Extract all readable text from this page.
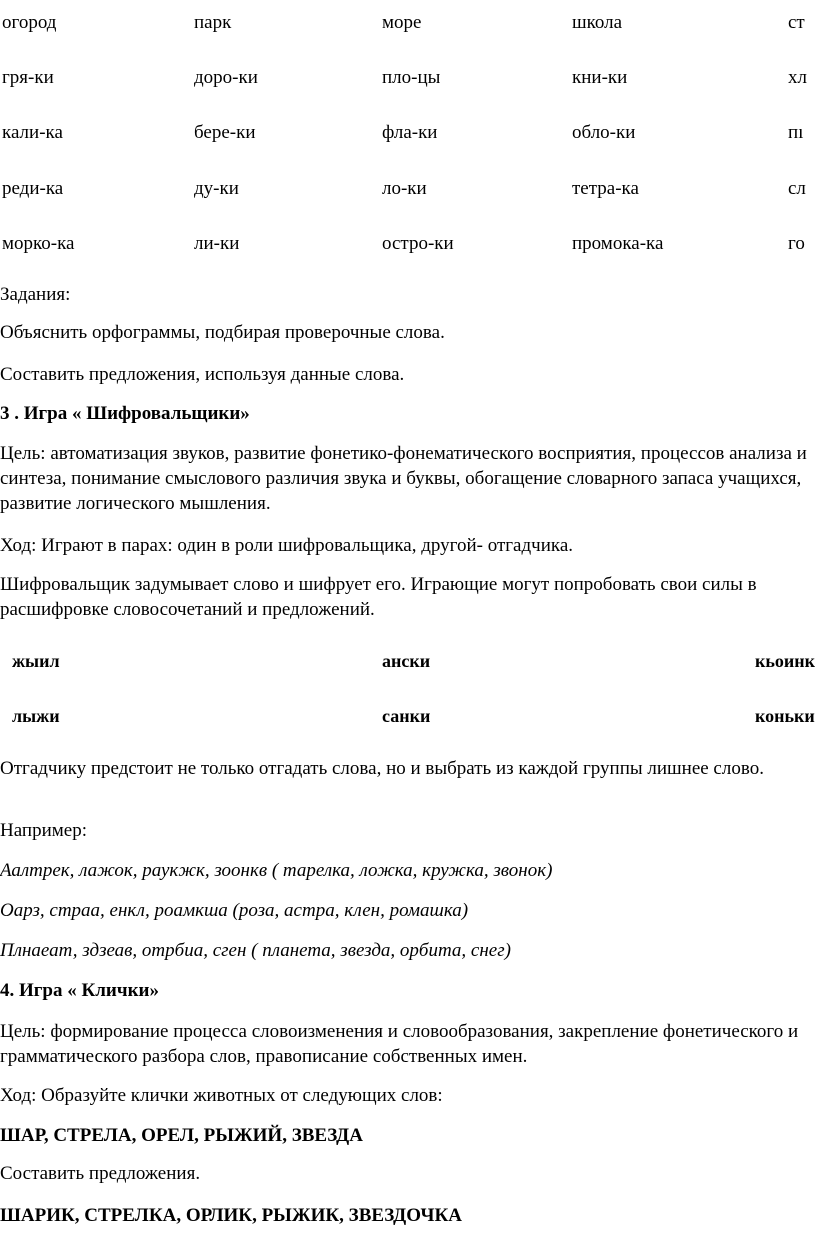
огород	парк	море	школа	ст
гря-ки	доро-ки	пло-цы	кни-ки	хл
кали-ка	бере-ки	фла-ки	обло-ки	пı
реди-ка	ду-ки	ло-ки	тетра-ка	сл
морко-ка	ли-ки	остро-ки	промока-ка	го
Задания:
Объяснить орфограммы, подбирая проверочные слова.
Составить предложения, используя данные слова.
3 . Игра « Шифровальщики»
Цель: автоматизация звуков, развитие фонетико-фонематического восприятия, процессов анализа и синтеза, понимание смыслового различия звука и буквы, обогащение словарного запаса учащихся, развитие логического мышления.
Ход: Играют в парах: один в роли шифровальщика, другой- отгадчика.
Шифровальщик задумывает слово и шифрует его. Играющие могут попробовать свои силы в расшифровке словосочетаний и предложений.
жыил	ански	кьоинк
лыжи	санки	коньки
Отгадчику предстоит не только отгадать слова, но и выбрать из каждой группы лишнее слово.
Например:
Аалтрек, лажок, раукжк, зоонкв ( тарелка, ложка, кружка, звонок)
Оарз, страа, енкл, роамкша (роза, астра, клен, ромашка)
Плнаеат, здзеав, отрбиа, сген ( планета, звезда, орбита, снег)
4. Игра « Клички»
Цель: формирование процесса словоизменения и словообразования, закрепление фонетического и грамматического разбора слов, правописание собственных имен.
Ход: Образуйте клички животных от следующих слов:
ШАР, СТРЕЛА, ОРЕЛ, РЫЖИЙ, ЗВЕЗДА
Составить предложения.
ШАРИК, СТРЕЛКА, ОРЛИК, РЫЖИК, ЗВЕЗДОЧКА
